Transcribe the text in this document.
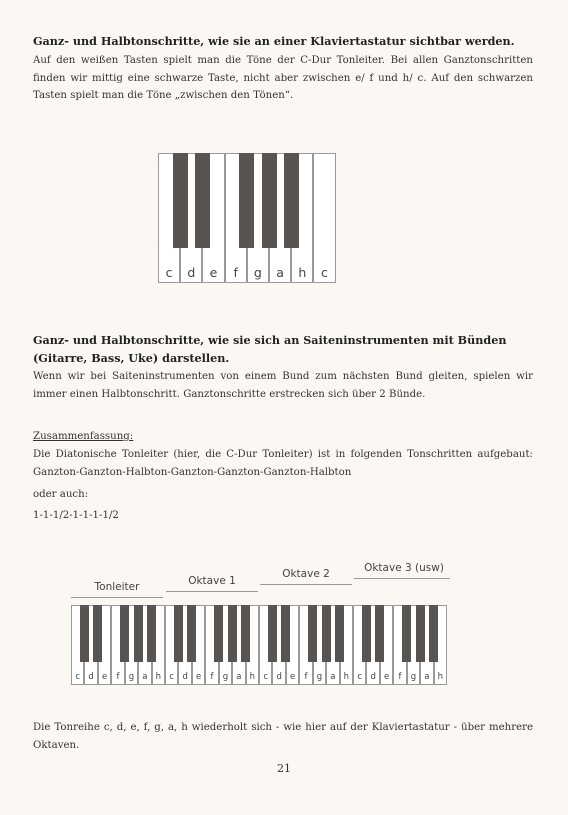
Ganz- und Halbtonschritte, wie sie an einer Klaviertastatur sichtbar werden.
Auf den weißen Tasten spielt man die Töne der C-Dur Tonleiter. Bei allen Ganztonschritten finden wir mittig eine schwarze Taste, nicht aber zwischen e/ f und h/ c. Auf den schwarzen Tasten spielt man die Töne „zwischen den Tönen“.
c	d	e	f	g	a	h	c
Ganz- und Halbtonschritte, wie sie sich an Saiteninstrumenten mit Bünden (Gitarre, Bass, Uke) darstellen.
Wenn wir bei Saiteninstrumenten von einem Bund zum nächsten Bund gleiten, spielen wir immer einen Halbtonschritt. Ganztonschritte erstrecken sich über 2 Bünde.
Zusammenfassung:
Die Diatonische Tonleiter (hier, die C-Dur Tonleiter) ist in folgenden Tonschritten aufgebaut: Ganzton-Ganzton-Halbton-Ganzton-Ganzton-Ganzton-Halbton
oder auch:
1-1-1/2-1-1-1-1/2
Tonleiter	Oktave 1
Oktave 2	Oktave 3 (usw)
c d e	f	g a h c d e	f	g a h c d e	f	g a h c d e	f	g a h
Die Tonreihe c, d, e, f, g, a, h wiederholt sich - wie hier auf der Klaviertastatur - über mehrere Oktaven.
21
